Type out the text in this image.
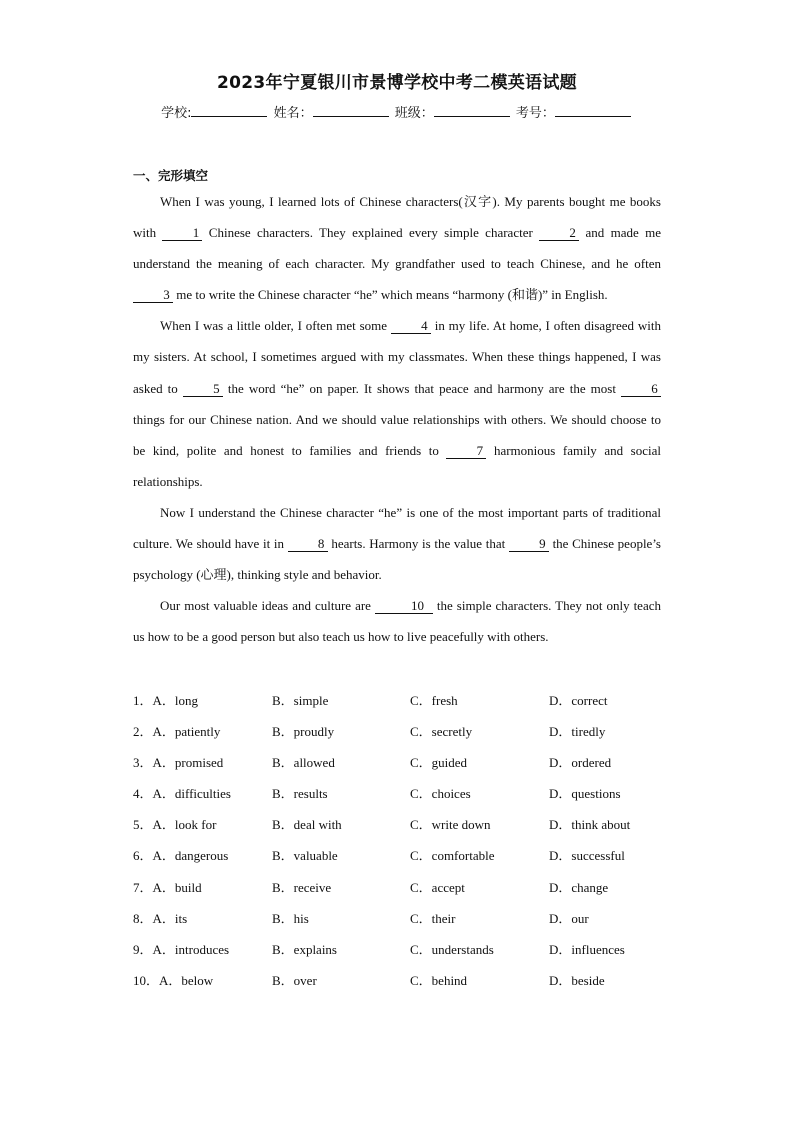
2023年宁夏银川市景博学校中考二模英语试题
学校:	姓名：	班级：	考号：
一、完形填空

When I was young, I learned lots of Chinese characters(汉字). My parents bought me books with 1 Chinese characters. They explained every simple character 2 and made me understand the meaning of each character. My grandfather used to teach Chinese, and he often 3 me to write the Chinese character “he” which means “harmony (和谐)” in English.

When I was a little older, I often met some 4 in my life. At home, I often disagreed with my sisters. At school, I sometimes argued with my classmates. When these things happened, I was asked to 5 the word “he” on paper. It shows that peace and harmony are the most 6 things for our Chinese nation. And we should value relationships with others. We should choose to be kind, polite and honest to families and friends to 7 harmonious family and social relationships.

Now I understand the Chinese character “he” is one of the most important parts of traditional culture. We should have it in 8 hearts. Harmony is the value that 9 the Chinese people’s psychology (心理), thinking style and behavior.

Our most valuable ideas and culture are	10 the simple characters. They not only teach us how to be a good person but also teach us how to live peacefully with others.

1．A．long	B．simple	C．fresh	D．correct
2．A．patiently	B．proudly	C．secretly	D．tiredly
3．A．promised	B．allowed	C．guided	D．ordered
4．A．difficulties	B．results	C．choices	D．questions
5．A．look for	B．deal with	C．write down	D．think about
6．A．dangerous	B．valuable	C．comfortable	D．successful
7．A．build	B．receive	C．accept	D．change
8．A．its	B．his	C．their	D．our
9．A．introduces	B．explains	C．understands	D．influences
10．A．below	B．over	C．behind	D．beside
